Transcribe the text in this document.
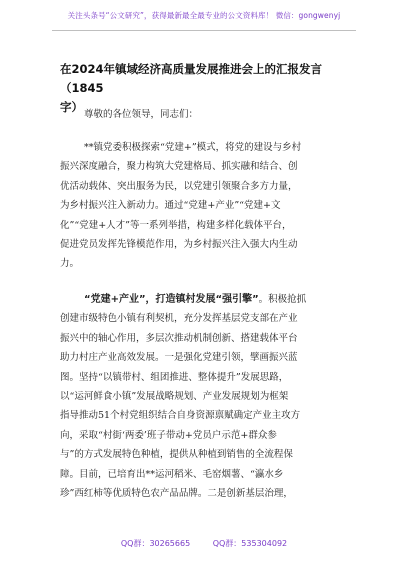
关注头条号“公文研究”，获得最新最全最专业的公文资料库！ 微信：gongwenyj
在2024年镇域经济高质量发展推进会上的汇报发言（1845
字）
尊敬的各位领导，同志们：
**镇党委积极探索“党建+”模式，将党的建设与乡村
振兴深度融合，聚力构筑大党建格局、抓实融和结合、创
优活动载体、突出服务为民，以党建引领聚合多方力量，
为乡村振兴注入新动力。通过“党建+产业”“党建+文
化”“党建+人才”等一系列举措，构建多样化载体平台，
促进党员发挥先锋模范作用，为乡村振兴注入强大内生动
力。
“党建+产业”，打造镇村发展“强引擎”。积极抢抓
创建市级特色小镇有利契机，充分发挥基层党支部在产业
振兴中的轴心作用，多层次推动机制创新、搭建载体平台
助力村庄产业高效发展。一是强化党建引领，擘画振兴蓝
图。坚持“以镇带村、组团推进、整体提升”发展思路，
以“运河鲜食小镇”发展战略规划、产业发展规划为框架
指导推动51个村党组织结合自身资源禀赋确定产业主攻方
向，采取“村街‘两委’班子带动+党员户示范+群众参
与”的方式发展特色种植，提供从种植到销售的全流程保
障。目前，已培育出**运河稻米、毛窑烟薯、“瀛水乡
珍”西红柿等优质特色农产品品牌。二是创新基层治理，
QQ群：30265665	QQ群：535304092
